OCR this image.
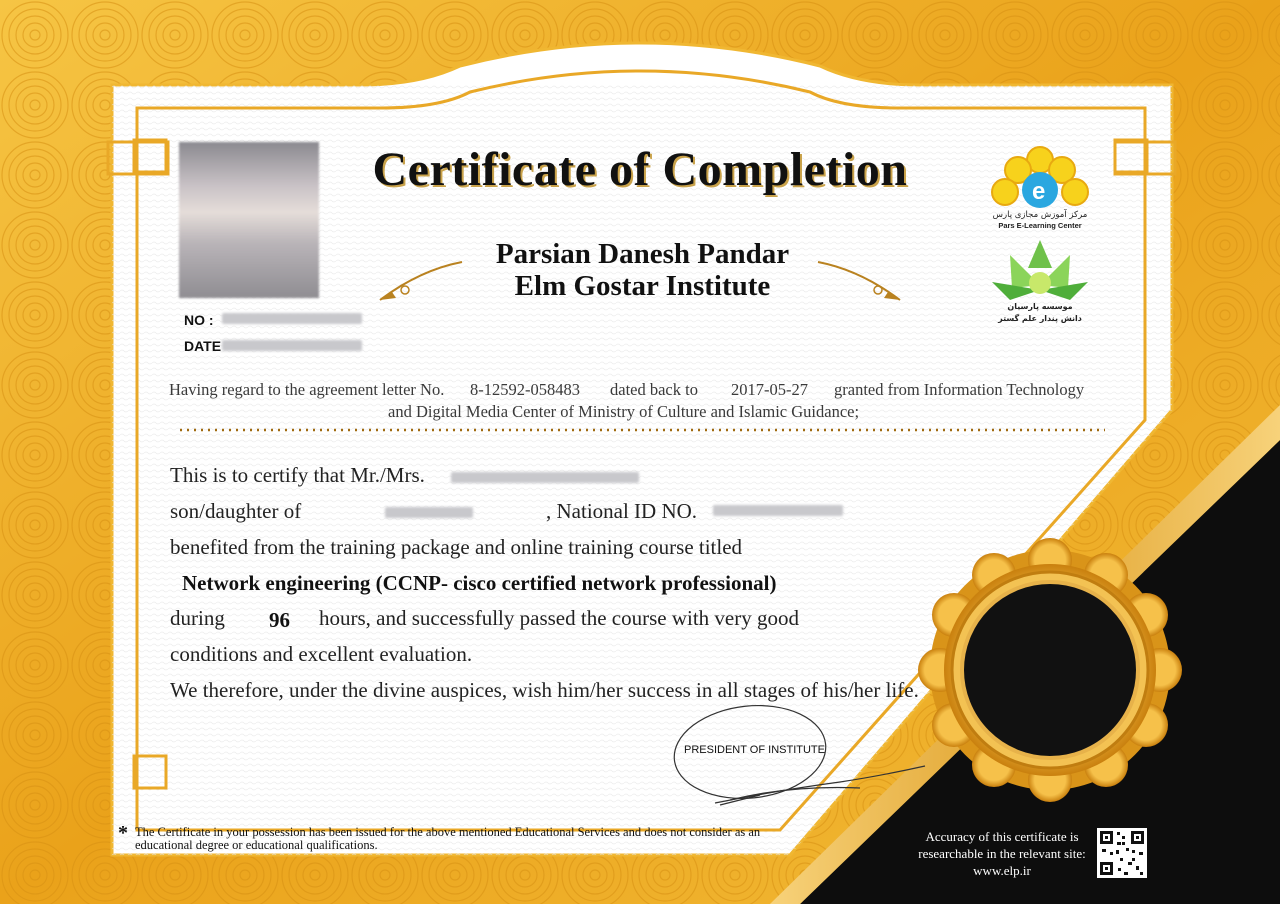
e
Certificate of Completion
Parsian Danesh Pandar
Elm Gostar Institute
مرکز آموزش مجازی پارس
Pars E-Learning Center
موسسه پارسیان
دانش پندار علم گستر
NO :
DATE
Having regard to the agreement letter No. 8-12592-058483 dated back to 2017-05-27 granted from Information Technology
and Digital Media Center of Ministry of Culture and Islamic Guidance;
This is to certify that Mr./Mrs.
son/daughter of	, National ID NO.
benefited from the training package and online training course titled
Network engineering (CCNP- cisco certified network professional)
during 96 hours, and successfully passed the course with very good
conditions and excellent evaluation.
We therefore, under the divine auspices, wish him/her success in all stages of his/her life.
PRESIDENT OF INSTITUTE
* The Certificate in your possession has been issued for the above mentioned Educational Services and does not consider as an
educational degree or educational qualifications.
Accuracy of this certificate is
researchable in the relevant site:
www.elp.ir
